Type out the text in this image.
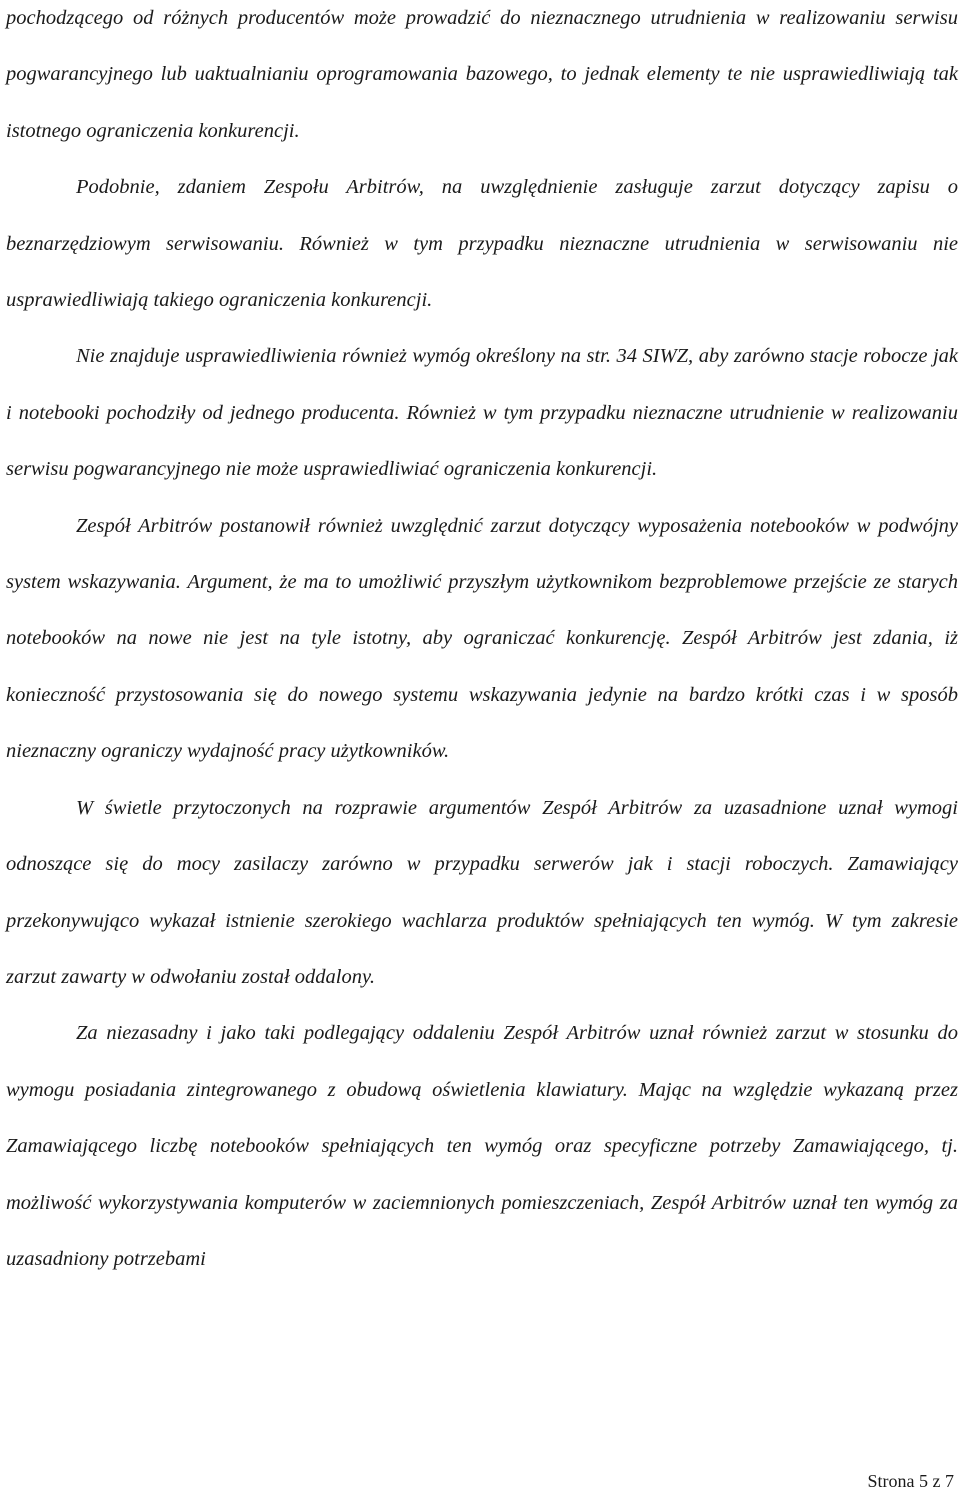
pochodzącego od różnych producentów może prowadzić do nieznacznego utrudnienia w realizowaniu serwisu pogwarancyjnego lub uaktualnianiu oprogramowania bazowego, to jednak elementy te nie usprawiedliwiają tak istotnego ograniczenia konkurencji.

Podobnie, zdaniem Zespołu Arbitrów, na uwzględnienie zasługuje zarzut dotyczący zapisu o beznarzędziowym serwisowaniu. Również w tym przypadku nieznaczne utrudnienia w serwisowaniu nie usprawiedliwiają takiego ograniczenia konkurencji.

Nie znajduje usprawiedliwienia również wymóg określony na str. 34 SIWZ, aby zarówno stacje robocze jak i notebooki pochodziły od jednego producenta. Również w tym przypadku nieznaczne utrudnienie w realizowaniu serwisu pogwarancyjnego nie może usprawiedliwiać ograniczenia konkurencji.

Zespół Arbitrów postanowił również uwzględnić zarzut dotyczący wyposażenia notebooków w podwójny system wskazywania. Argument, że ma to umożliwić przyszłym użytkownikom bezproblemowe przejście ze starych notebooków na nowe nie jest na tyle istotny, aby ograniczać konkurencję. Zespół Arbitrów jest zdania, iż konieczność przystosowania się do nowego systemu wskazywania jedynie na bardzo krótki czas i w sposób nieznaczny ograniczy wydajność pracy użytkowników.

W świetle przytoczonych na rozprawie argumentów Zespół Arbitrów za uzasadnione uznał wymogi odnoszące się do mocy zasilaczy zarówno w przypadku serwerów jak i stacji roboczych. Zamawiający przekonywująco wykazał istnienie szerokiego wachlarza produktów spełniających ten wymóg. W tym zakresie zarzut zawarty w odwołaniu został oddalony.

Za niezasadny i jako taki podlegający oddaleniu Zespół Arbitrów uznał również zarzut w stosunku do wymogu posiadania zintegrowanego z obudową oświetlenia klawiatury. Mając na względzie wykazaną przez Zamawiającego liczbę notebooków spełniających ten wymóg oraz specyficzne potrzeby Zamawiającego, tj. możliwość wykorzystywania komputerów w zaciemnionych pomieszczeniach, Zespół Arbitrów uznał ten wymóg za uzasadniony potrzebami

Strona 5 z 7
